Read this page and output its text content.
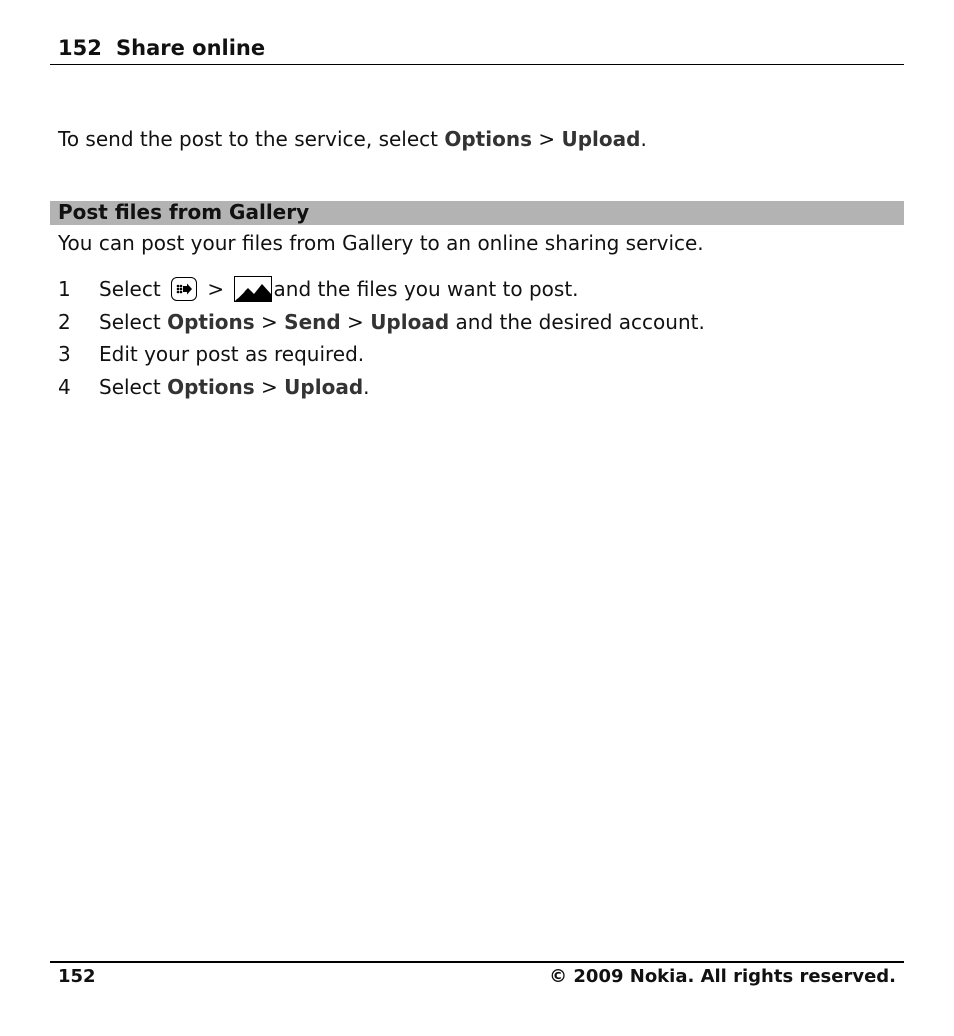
152 Share online
To send the post to the service, select Options > Upload.
Post files from Gallery
You can post your files from Gallery to an online sharing service.
1 Select
> and the files you want to post.
2 Select Options > Send > Upload and the desired account.
3 Edit your post as required.
4 Select Options > Upload.
152	© 2009 Nokia. All rights reserved.
